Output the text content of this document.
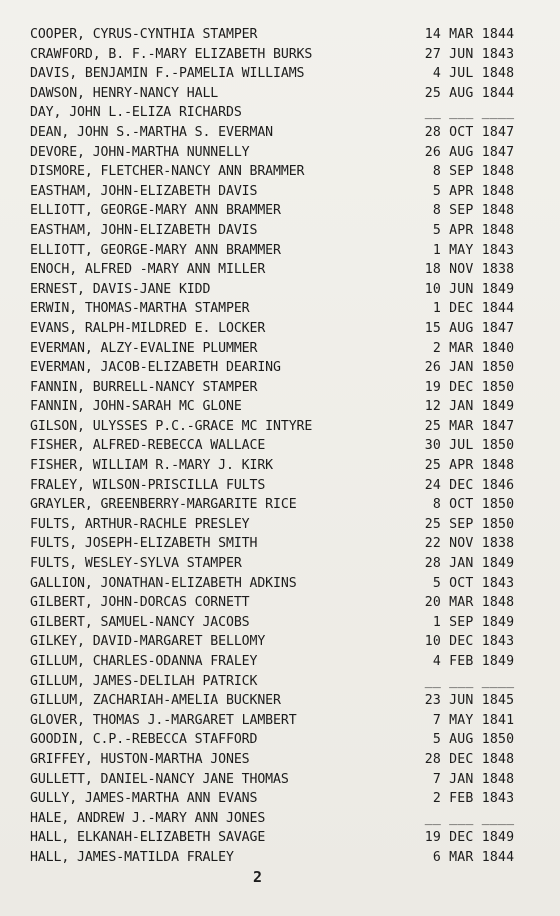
COOPER, CYRUS-CYNTHIA STAMPER	14 MAR 1844
CRAWFORD, B. F.-MARY ELIZABETH BURKS	27 JUN 1843
DAVIS, BENJAMIN F.-PAMELIA WILLIAMS	4 JUL 1848
DAWSON, HENRY-NANCY HALL	25 AUG 1844
DAY, JOHN L.-ELIZA RICHARDS	__ ___ ____
DEAN, JOHN S.-MARTHA S. EVERMAN	28 OCT 1847
DEVORE, JOHN-MARTHA NUNNELLY	26 AUG 1847
DISMORE, FLETCHER-NANCY ANN BRAMMER	8 SEP 1848
EASTHAM, JOHN-ELIZABETH DAVIS	5 APR 1848
ELLIOTT, GEORGE-MARY ANN BRAMMER	8 SEP 1848
EASTHAM, JOHN-ELIZABETH DAVIS	5 APR 1848
ELLIOTT, GEORGE-MARY ANN BRAMMER	1 MAY 1843
ENOCH, ALFRED -MARY ANN MILLER	18 NOV 1838
ERNEST, DAVIS-JANE KIDD	10 JUN 1849
ERWIN, THOMAS-MARTHA STAMPER	1 DEC 1844
EVANS, RALPH-MILDRED E. LOCKER	15 AUG 1847
EVERMAN, ALZY-EVALINE PLUMMER	2 MAR 1840
EVERMAN, JACOB-ELIZABETH DEARING	26 JAN 1850
FANNIN, BURRELL-NANCY STAMPER	19 DEC 1850
FANNIN, JOHN-SARAH MC GLONE	12 JAN 1849
GILSON, ULYSSES P.C.-GRACE MC INTYRE	25 MAR 1847
FISHER, ALFRED-REBECCA WALLACE	30 JUL 1850
FISHER, WILLIAM R.-MARY J. KIRK	25 APR 1848
FRALEY, WILSON-PRISCILLA FULTS	24 DEC 1846
GRAYLER, GREENBERRY-MARGARITE RICE	8 OCT 1850
FULTS, ARTHUR-RACHLE PRESLEY	25 SEP 1850
FULTS, JOSEPH-ELIZABETH SMITH	22 NOV 1838
FULTS, WESLEY-SYLVA STAMPER	28 JAN 1849
GALLION, JONATHAN-ELIZABETH ADKINS	5 OCT 1843
GILBERT, JOHN-DORCAS CORNETT	20 MAR 1848
GILBERT, SAMUEL-NANCY JACOBS	1 SEP 1849
GILKEY, DAVID-MARGARET BELLOMY	10 DEC 1843
GILLUM, CHARLES-ODANNA FRALEY	4 FEB 1849
GILLUM, JAMES-DELILAH PATRICK	__ ___ ____
GILLUM, ZACHARIAH-AMELIA BUCKNER	23 JUN 1845
GLOVER, THOMAS J.-MARGARET LAMBERT	7 MAY 1841
GOODIN, C.P.-REBECCA STAFFORD	5 AUG 1850
GRIFFEY, HUSTON-MARTHA JONES	28 DEC 1848
GULLETT, DANIEL-NANCY JANE THOMAS	7 JAN 1848
GULLY, JAMES-MARTHA ANN EVANS	2 FEB 1843
HALE, ANDREW J.-MARY ANN JONES	__ ___ ____
HALL, ELKANAH-ELIZABETH SAVAGE	19 DEC 1849
HALL, JAMES-MATILDA FRALEY	6 MAR 1844
2
